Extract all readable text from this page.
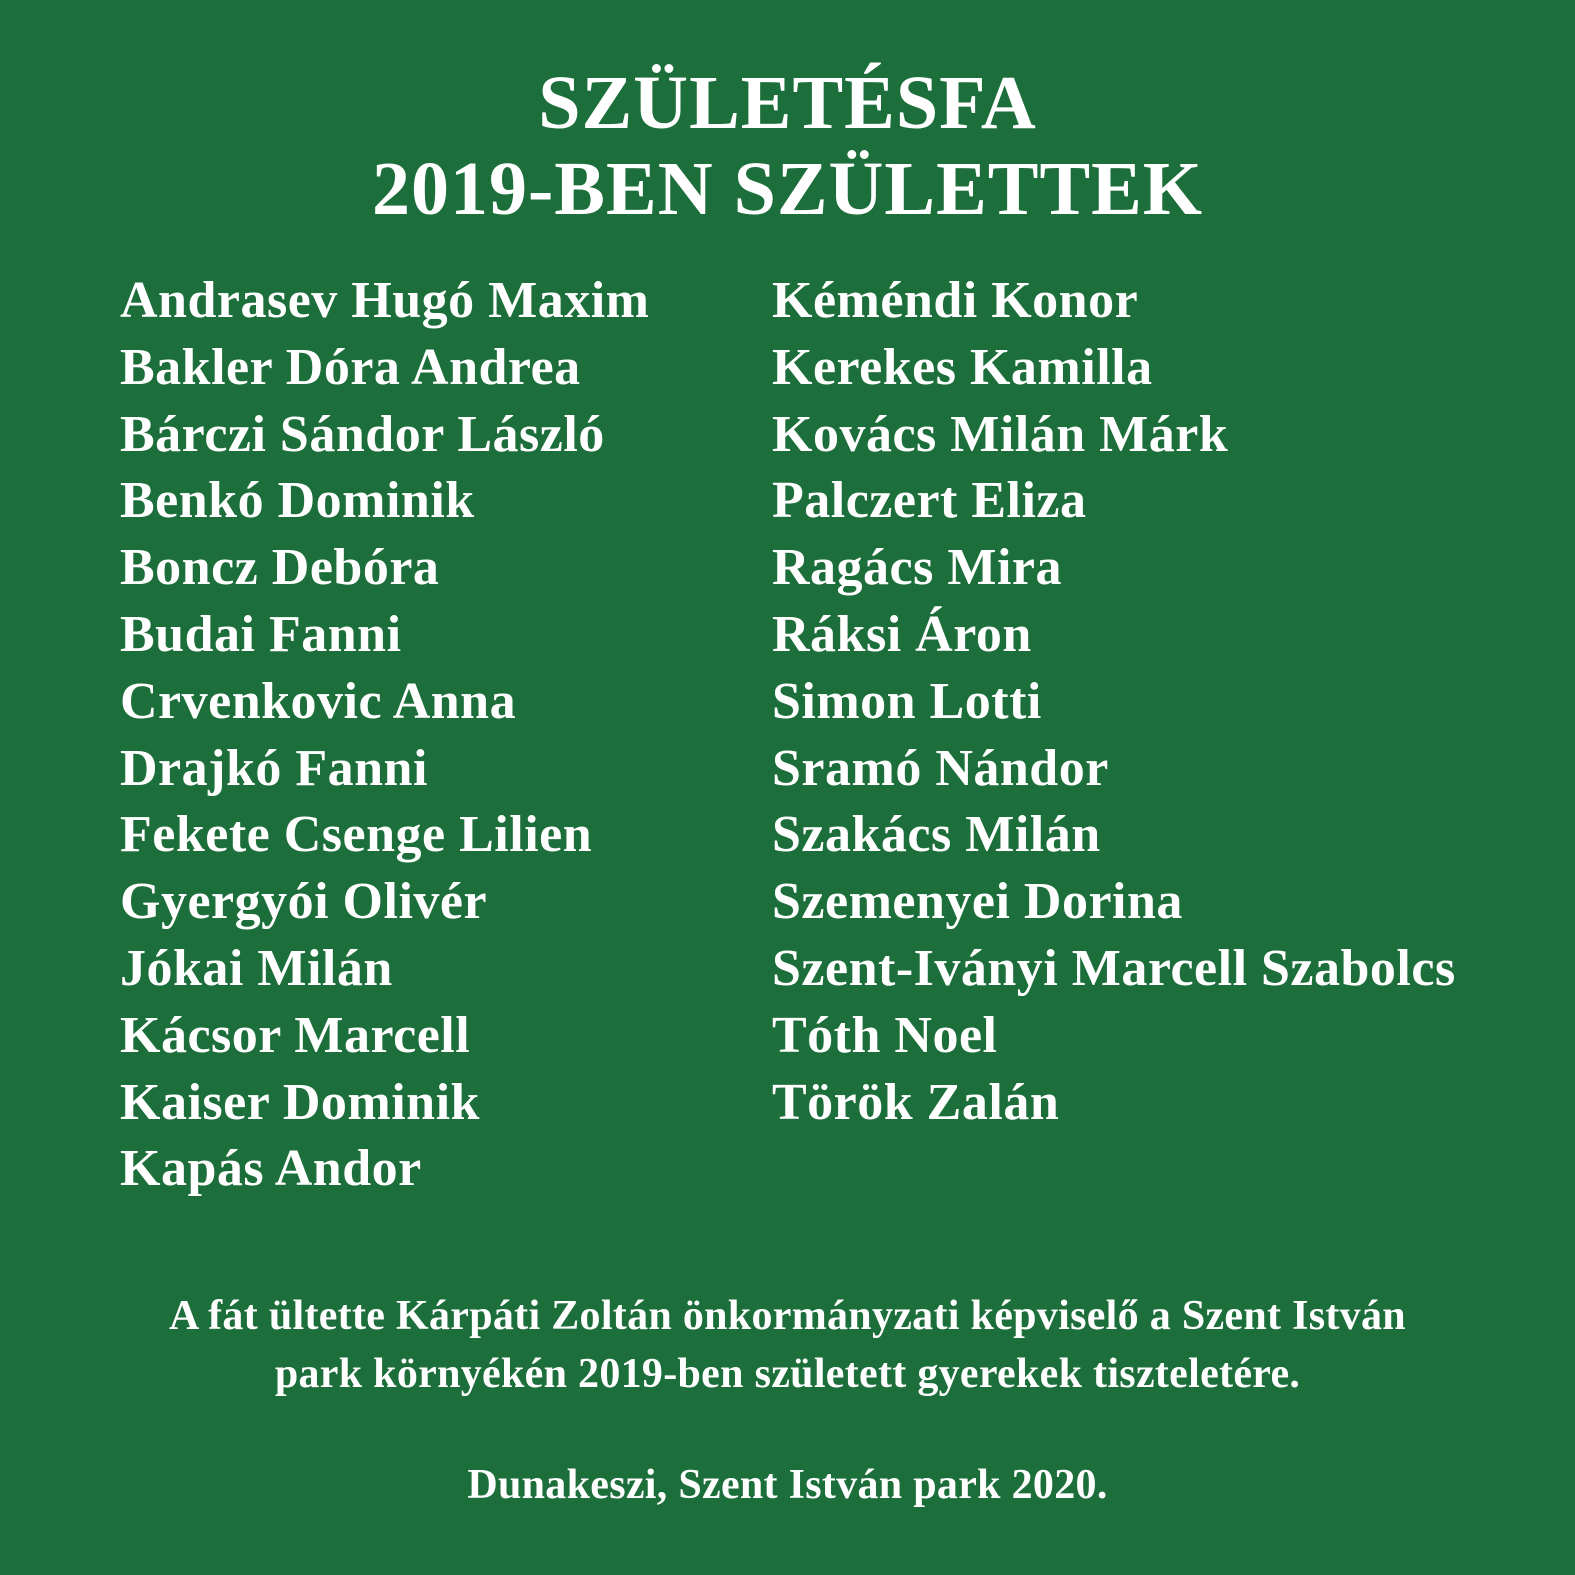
SZÜLETÉSFA
2019-BEN SZÜLETTEK
Andrasev Hugó Maxim
Bakler Dóra Andrea
Bárczi Sándor László
Benkó Dominik
Boncz Debóra
Budai Fanni
Crvenkovic Anna
Drajkó Fanni
Fekete Csenge Lilien
Gyergyói Olivér
Jókai Milán
Kácsor Marcell
Kaiser Dominik
Kapás Andor
Kéméndi Konor
Kerekes Kamilla
Kovács Milán Márk
Palczert Eliza
Ragács Mira
Ráksi Áron
Simon Lotti
Sramó Nándor
Szakács Milán
Szemenyei Dorina
Szent-Iványi Marcell Szabolcs
Tóth Noel
Török Zalán
A fát ültette Kárpáti Zoltán önkormányzati képviselő a Szent István
park környékén 2019-ben született gyerekek tiszteletére.
Dunakeszi, Szent István park 2020.
